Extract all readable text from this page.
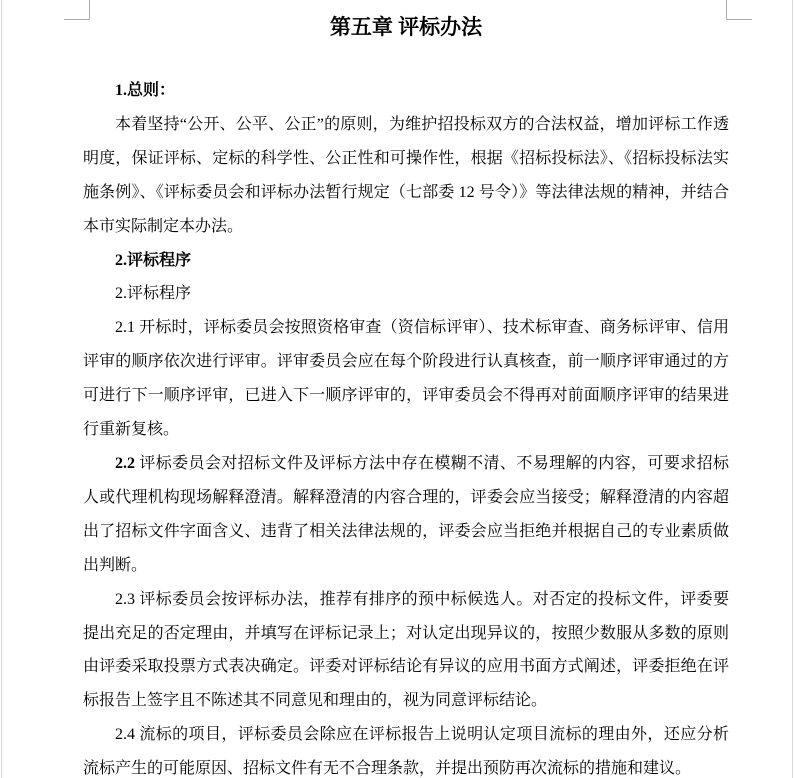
第五章 评标办法

1.总则：

本着坚持“公开、公平、公正”的原则，为维护招投标双方的合法权益，增加评标工作透明度，保证评标、定标的科学性、公正性和可操作性，根据《招标投标法》、《招标投标法实施条例》、《评标委员会和评标办法暂行规定（七部委 12 号令）》等法律法规的精神，并结合本市实际制定本办法。

2.评标程序

2.评标程序

2.1 开标时，评标委员会按照资格审查（资信标评审）、技术标审查、商务标评审、信用评审的顺序依次进行评审。评审委员会应在每个阶段进行认真核查，前一顺序评审通过的方可进行下一顺序评审，已进入下一顺序评审的，评审委员会不得再对前面顺序评审的结果进行重新复核。

2.2 评标委员会对招标文件及评标方法中存在模糊不清、不易理解的内容，可要求招标人或代理机构现场解释澄清。解释澄清的内容合理的，评委会应当接受；解释澄清的内容超出了招标文件字面含义、违背了相关法律法规的，评委会应当拒绝并根据自己的专业素质做出判断。

2.3 评标委员会按评标办法，推荐有排序的预中标候选人。对否定的投标文件，评委要提出充足的否定理由，并填写在评标记录上；对认定出现异议的，按照少数服从多数的原则由评委采取投票方式表决确定。评委对评标结论有异议的应用书面方式阐述，评委拒绝在评标报告上签字且不陈述其不同意见和理由的，视为同意评标结论。

2.4 流标的项目，评标委员会除应在评标报告上说明认定项目流标的理由外，还应分析流标产生的可能原因、招标文件有无不合理条款，并提出预防再次流标的措施和建议。
